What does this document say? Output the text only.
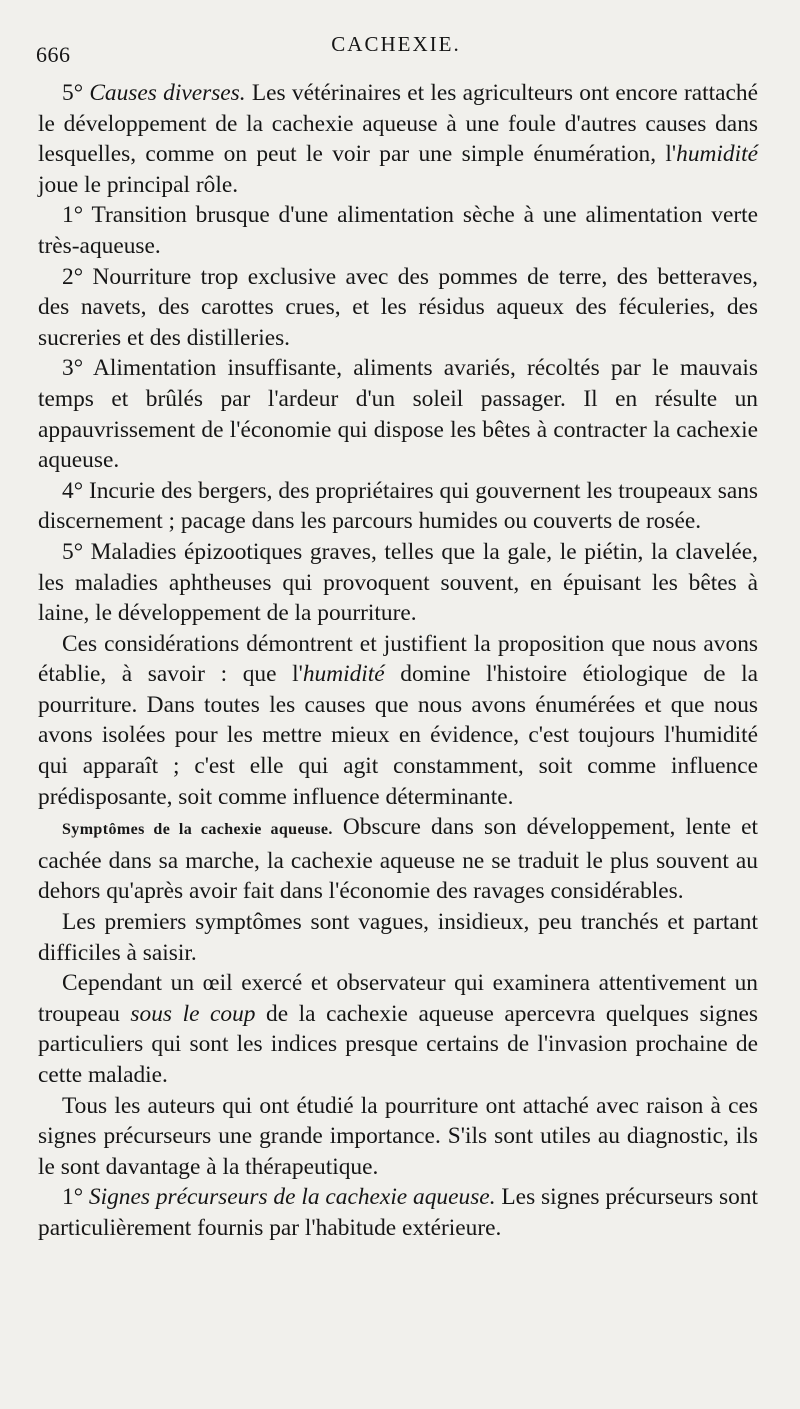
666	CACHEXIE.

5° Causes diverses. Les vétérinaires et les agriculteurs ont encore rattaché le développement de la cachexie aqueuse à une foule d'autres causes dans lesquelles, comme on peut le voir par une simple énumération, l'humidité joue le principal rôle.

1° Transition brusque d'une alimentation sèche à une alimentation verte très-aqueuse.

2° Nourriture trop exclusive avec des pommes de terre, des betteraves, des navets, des carottes crues, et les résidus aqueux des féculeries, des sucreries et des distilleries.

3° Alimentation insuffisante, aliments avariés, récoltés par le mauvais temps et brûlés par l'ardeur d'un soleil passager. Il en résulte un appauvrissement de l'économie qui dispose les bêtes à contracter la cachexie aqueuse.

4° Incurie des bergers, des propriétaires qui gouvernent les troupeaux sans discernement ; pacage dans les parcours humides ou couverts de rosée.

5° Maladies épizootiques graves, telles que la gale, le piétin, la clavelée, les maladies aphtheuses qui provoquent souvent, en épuisant les bêtes à laine, le développement de la pourriture.

Ces considérations démontrent et justifient la proposition que nous avons établie, à savoir : que l'humidité domine l'histoire étiologique de la pourriture. Dans toutes les causes que nous avons énumérées et que nous avons isolées pour les mettre mieux en évidence, c'est toujours l'humidité qui apparaît ; c'est elle qui agit constamment, soit comme influence prédisposante, soit comme influence déterminante.

Symptômes de la cachexie aqueuse. Obscure dans son développement, lente et cachée dans sa marche, la cachexie aqueuse ne se traduit le plus souvent au dehors qu'après avoir fait dans l'économie des ravages considérables.

Les premiers symptômes sont vagues, insidieux, peu tranchés et partant difficiles à saisir.

Cependant un œil exercé et observateur qui examinera attentivement un troupeau sous le coup de la cachexie aqueuse apercevra quelques signes particuliers qui sont les indices presque certains de l'invasion prochaine de cette maladie.

Tous les auteurs qui ont étudié la pourriture ont attaché avec raison à ces signes précurseurs une grande importance. S'ils sont utiles au diagnostic, ils le sont davantage à la thérapeutique.

1° Signes précurseurs de la cachexie aqueuse. Les signes précurseurs sont particulièrement fournis par l'habitude extérieure.
